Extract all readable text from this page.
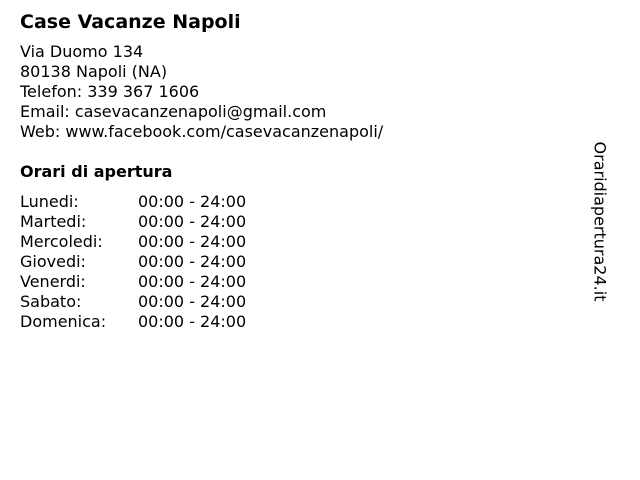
Case Vacanze Napoli
Via Duomo 134
80138 Napoli (NA)
Telefon: 339 367 1606
Email: casevacanzenapoli@gmail.com
Web: www.facebook.com/casevacanzenapoli/
Orari di apertura
Lunedi:	00:00 - 24:00
Martedi:	00:00 - 24:00
Mercoledi:	00:00 - 24:00
Giovedi:	00:00 - 24:00
Venerdi:	00:00 - 24:00
Sabato:	00:00 - 24:00
Domenica:	00:00 - 24:00
Oraridiapertura24.it
